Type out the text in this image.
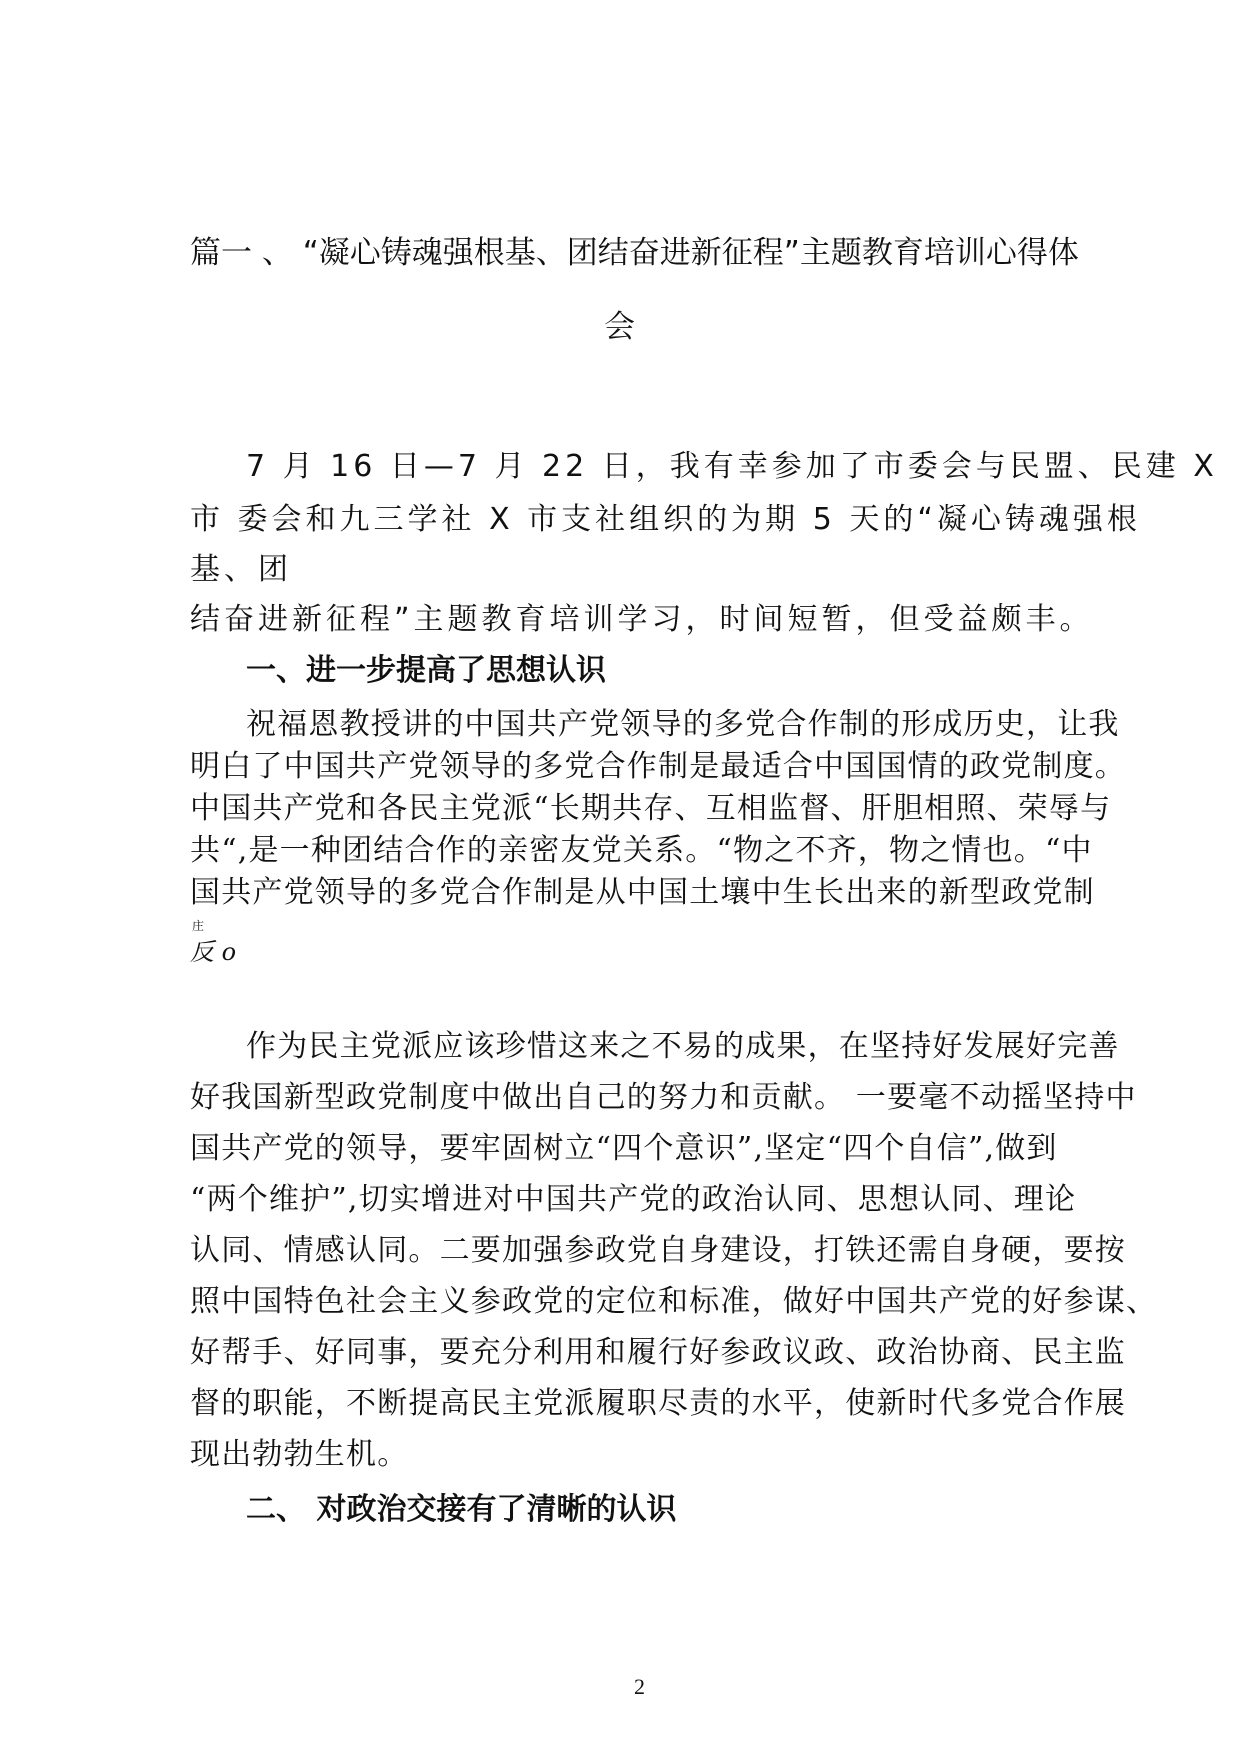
篇一 、 “凝心铸魂强根基、团结奋进新征程”主题教育培训心得体
会
7 月 16 日—7 月 22 日，我有幸参加了市委会与民盟、民建 X
市 委会和九三学社 X 市支社组织的为期 5 天的“凝心铸魂强根
基、团
结奋进新征程”主题教育培训学习，时间短暂，但受益颇丰。
一、进一步提高了思想认识
祝福恩教授讲的中国共产党领导的多党合作制的形成历史，让我
明白了中国共产党领导的多党合作制是最适合中国国情的政党制度。
中国共产党和各民主党派“长期共存、互相监督、肝胆相照、荣辱与
共“,是一种团结合作的亲密友党关系。“物之不齐，物之情也。“中
国共产党领导的多党合作制是从中国土壤中生长出来的新型政党制
庄
反 o
作为民主党派应该珍惜这来之不易的成果，在坚持好发展好完善
好我国新型政党制度中做出自己的努力和贡献。 一要毫不动摇坚持中
国共产党的领导，要牢固树立“四个意识”,坚定“四个自信”,做到
“两个维护”,切实增进对中国共产党的政治认同、思想认同、理论
认同、情感认同。二要加强参政党自身建设，打铁还需自身硬，要按
照中国特色社会主义参政党的定位和标准，做好中国共产党的好参谋、
好帮手、好同事，要充分利用和履行好参政议政、政治协商、民主监
督的职能，不断提高民主党派履职尽责的水平，使新时代多党合作展
现出勃勃生机。
二、 对政治交接有了清晰的认识
2
